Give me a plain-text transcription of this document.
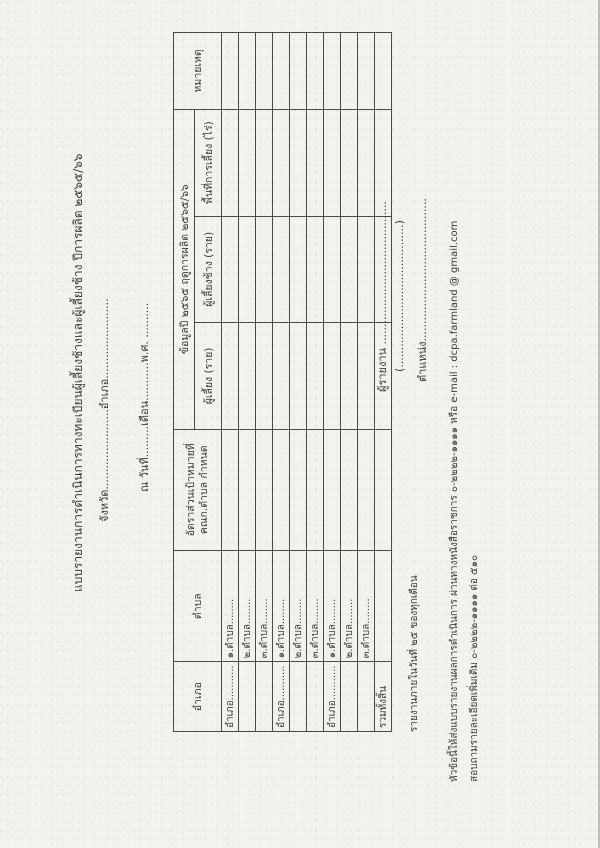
แบบรายงานการดำเนินการทางทะเบียนผู้เลี้ยงช้างและผู้เลี้ยงช้าง ปีการผลิต ๒๕๖๕/๖๖ จังหวัด.......................อำเภอ....................... ณ วันที่.........เดือน...........พ.ศ. ..........
อำเภอ	ตำบล	อัตราส่วนเป้าหมายที่ คณก.ตำบล กำหนด	ข้อมูลปี ๒๕๖๕ ฤดูการผลิต ๒๕๖๕/๖๖			หมายเหตุ
			ผู้เลี้ยง (ราย)	ผู้เลี้ยงช้าง (ราย)	พื้นที่การเลี้ยง (ไร่)	
อำเภอ...........	๑.ตำบล........					
	๒.ตำบล........					
	๓.ตำบล........					
อำเภอ...........	๑.ตำบล........					
	๒.ตำบล........					
	๓.ตำบล........					
อำเภอ...........	๑.ตำบล........					
	๒.ตำบล........					
	๓.ตำบล........					
รวมทั้งสิ้น						รายงานภายในวันที่ ๒๕ ของทุกเดือน
ผู้รายงาน ......................................... (.........................................) ตำแหน่ง......................................... หัวข้อนี้ให้ส่งแบบรายงานผลการดำเนินการ ผ่านทางหนังสือราชการ ๐-๒๒๒๒-๑๑๑๑ หรือ e-mail : dcpa.farmland @ gmail.com สอบถามรายละเอียดเพิ่มเติม ๐-๒๒๒๒-๑๑๑๑ ต่อ ๕๑๐
